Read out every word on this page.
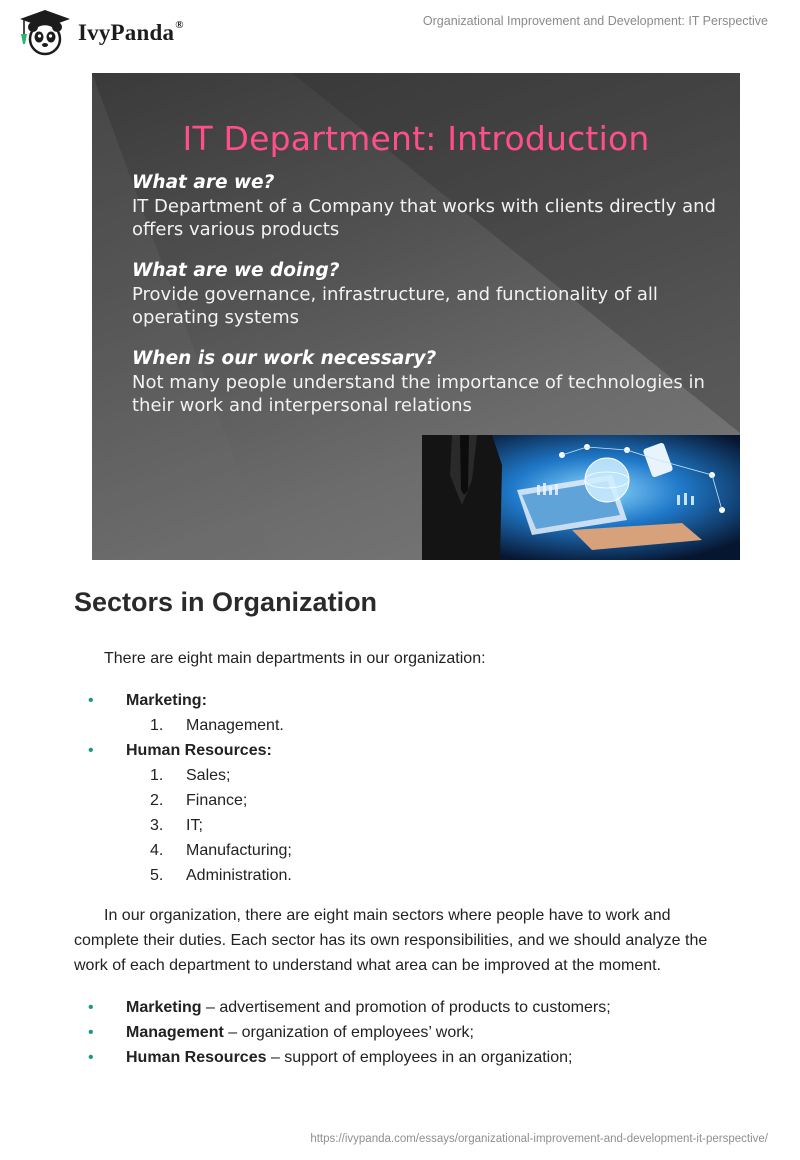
IvyPanda®	Organizational Improvement and Development: IT Perspective
IT Department: Introduction

What are we?

IT Department of a Company that works with clients directly and offers various products

What are we doing?

Provide governance, infrastructure, and functionality of all operating systems

When is our work necessary?

Not many people understand the importance of technologies in their work and interpersonal relations

Sectors in Organization

There are eight main departments in our organization:

• Marketing:
1. Management.
• Human Resources:
1. Sales;
2. Finance;
3. IT;
4. Manufacturing;
5. Administration.

In our organization, there are eight main sectors where people have to work and complete their duties. Each sector has its own responsibilities, and we should analyze the work of each department to understand what area can be improved at the moment.

• Marketing – advertisement and promotion of products to customers;
• Management – organization of employees’ work;
• Human Resources – support of employees in an organization;
https://ivypanda.com/essays/organizational-improvement-and-development-it-perspective/
